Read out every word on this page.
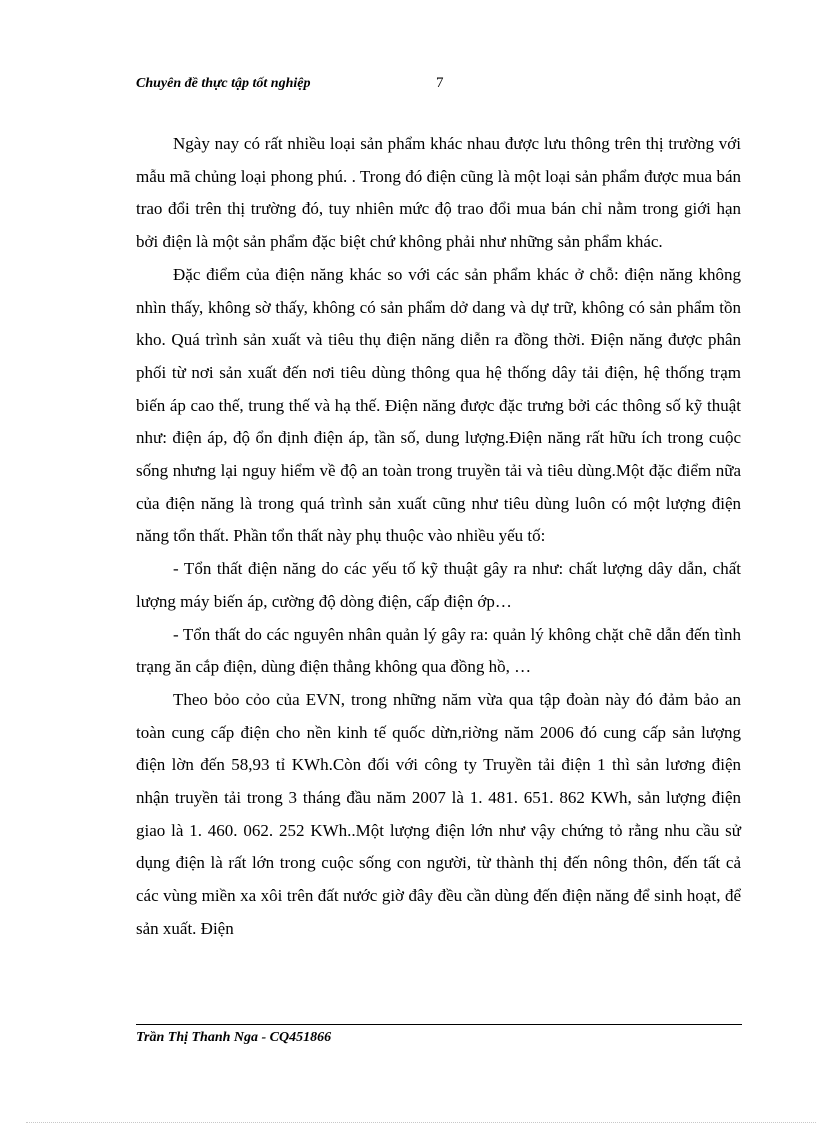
Chuyên đề thực tập tốt nghiệp	7

Ngày nay có rất nhiều loại sản phẩm khác nhau được lưu thông trên thị trường với mẫu mã chủng loại phong phú. . Trong đó điện cũng là một loại sản phẩm được mua bán trao đổi trên thị trường đó, tuy nhiên mức độ trao đổi mua bán chỉ nằm trong giới hạn bởi điện là một sản phẩm đặc biệt chứ không phải như những sản phẩm khác.

Đặc điểm của điện năng khác so với các sản phẩm khác ở chỗ: điện năng không nhìn thấy, không sờ thấy, không có sản phẩm dở dang và dự trữ, không có sản phẩm tồn kho. Quá trình sản xuất và tiêu thụ điện năng diễn ra đồng thời. Điện năng được phân phối từ nơi sản xuất đến nơi tiêu dùng thông qua hệ thống dây tải điện, hệ thống trạm biến áp cao thế, trung thế và hạ thế. Điện năng được đặc trưng bởi các thông số kỹ thuật như: điện áp, độ ổn định điện áp, tần số, dung lượng.Điện năng rất hữu ích trong cuộc sống nhưng lại nguy hiểm về độ an toàn trong truyền tải và tiêu dùng.Một đặc điểm nữa của điện năng là trong quá trình sản xuất cũng như tiêu dùng luôn có một lượng điện năng tổn thất. Phần tổn thất này phụ thuộc vào nhiều yếu tố:

- Tổn thất điện năng do các yếu tố kỹ thuật gây ra như: chất lượng dây dẫn, chất lượng máy biến áp, cường độ dòng điện, cấp điện ớp…

- Tổn thất do các nguyên nhân quản lý gây ra: quản lý không chặt chẽ dẫn đến tình trạng ăn cắp điện, dùng điện thẳng không qua đồng hồ, …

Theo bỏo cỏo của EVN, trong những năm vừa qua tập đoàn này đó đảm bảo an toàn cung cấp điện cho nền kinh tế quốc dừn,riờng năm 2006 đó cung cấp sản lượng điện lờn đến 58,93 tỉ KWh.Còn đối với công ty Truyền tải điện 1 thì sản lương điện nhận truyền tải trong 3 tháng đầu năm 2007 là 1. 481. 651. 862 KWh, sản lượng điện giao là 1. 460. 062. 252 KWh..Một lượng điện lớn như vậy chứng tỏ rằng nhu cầu sử dụng điện là rất lớn trong cuộc sống con người, từ thành thị đến nông thôn, đến tất cả các vùng miền xa xôi trên đất nước giờ đây đều cần dùng đến điện năng để sinh hoạt, để sản xuất. Điện

Trần Thị Thanh Nga - CQ451866
